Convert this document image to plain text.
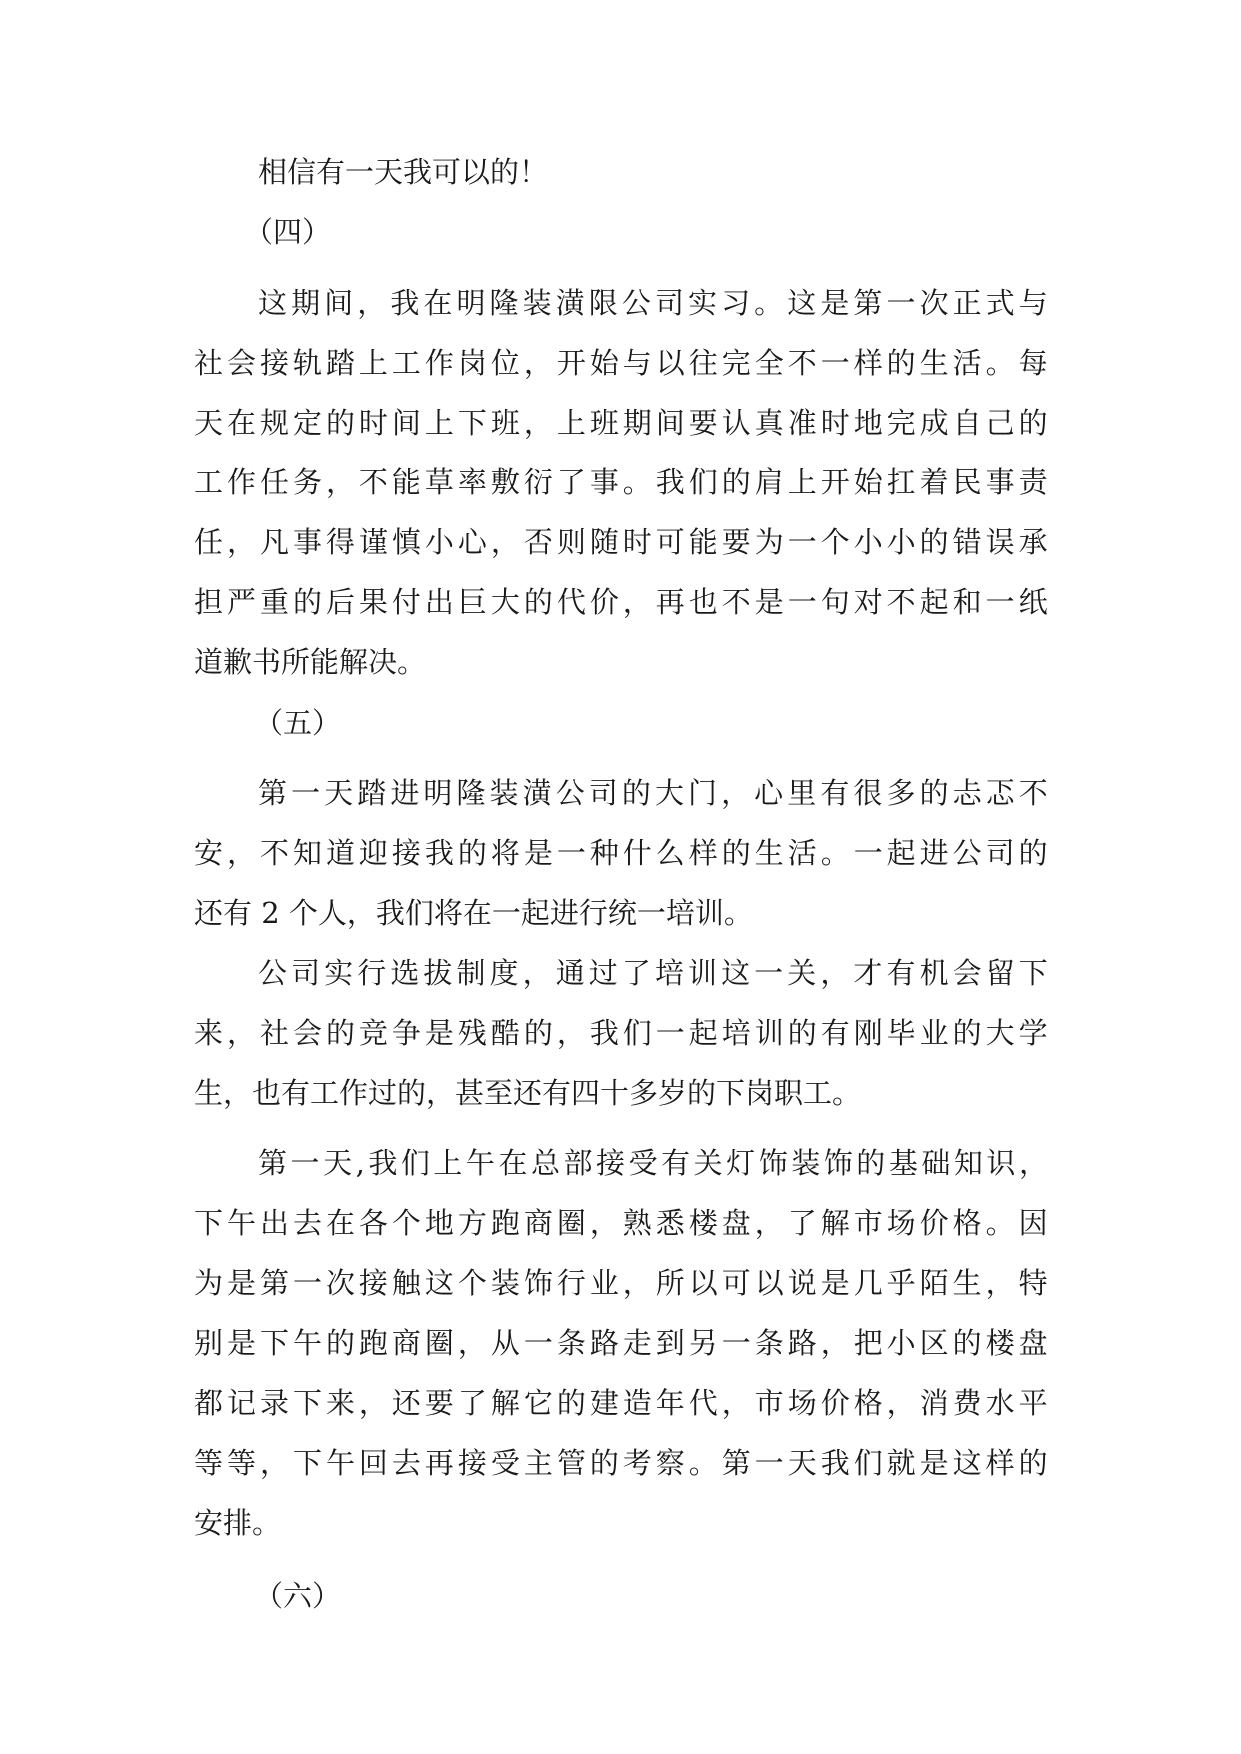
相信有一天我可以的！
（四）
这 期 间 ， 我 在 明 隆 装 潢 限 公 司 实 习 。 这 是 第 一 次 正 式 与
社 会 接 轨 踏 上 工 作 岗 位 ， 开 始 与 以 往 完 全 不 一 样 的 生 活 。 每
天 在 规 定 的 时 间 上 下 班 ， 上 班 期 间 要 认 真 准 时 地 完 成 自 己 的
工 作 任 务 ， 不 能 草 率 敷 衍 了 事 。 我 们 的 肩 上 开 始 扛 着 民 事 责
任 ， 凡 事 得 谨 慎 小 心 ， 否 则 随 时 可 能 要 为 一 个 小 小 的 错 误 承
担 严 重 的 后 果 付 出 巨 大 的 代 价 ， 再 也 不 是 一 句 对 不 起 和 一 纸
道歉书所能解决。
（五）
第 一 天 踏 进 明 隆 装 潢 公 司 的 大 门 ， 心 里 有 很 多 的 忐 忑 不
安 ， 不 知 道 迎 接 我 的 将 是 一 种 什 么 样 的 生 活 。 一 起 进 公 司 的
还有 2 个人，我们将在一起进行统一培训。
公 司 实 行 选 拔 制 度 ， 通 过 了 培 训 这 一 关 ， 才 有 机 会 留 下
来 ， 社 会 的 竞 争 是 残 酷 的 ， 我 们 一 起 培 训 的 有 刚 毕 业 的 大 学
生，也有工作过的，甚至还有四十多岁的下岗职工。
第 一 天 , 我 们 上 午 在 总 部 接 受 有 关 灯 饰 装 饰 的 基 础 知 识 ，
下 午 出 去 在 各 个 地 方 跑 商 圈 ， 熟 悉 楼 盘 ， 了 解 市 场 价 格 。 因
为 是 第 一 次 接 触 这 个 装 饰 行 业 ， 所 以 可 以 说 是 几 乎 陌 生 ， 特
别 是 下 午 的 跑 商 圈 ， 从 一 条 路 走 到 另 一 条 路 ， 把 小 区 的 楼 盘
都 记 录 下 来 ， 还 要 了 解 它 的 建 造 年 代 ， 市 场 价 格 ， 消 费 水 平
等 等 ， 下 午 回 去 再 接 受 主 管 的 考 察 。 第 一 天 我 们 就 是 这 样 的
安排。
（六）
